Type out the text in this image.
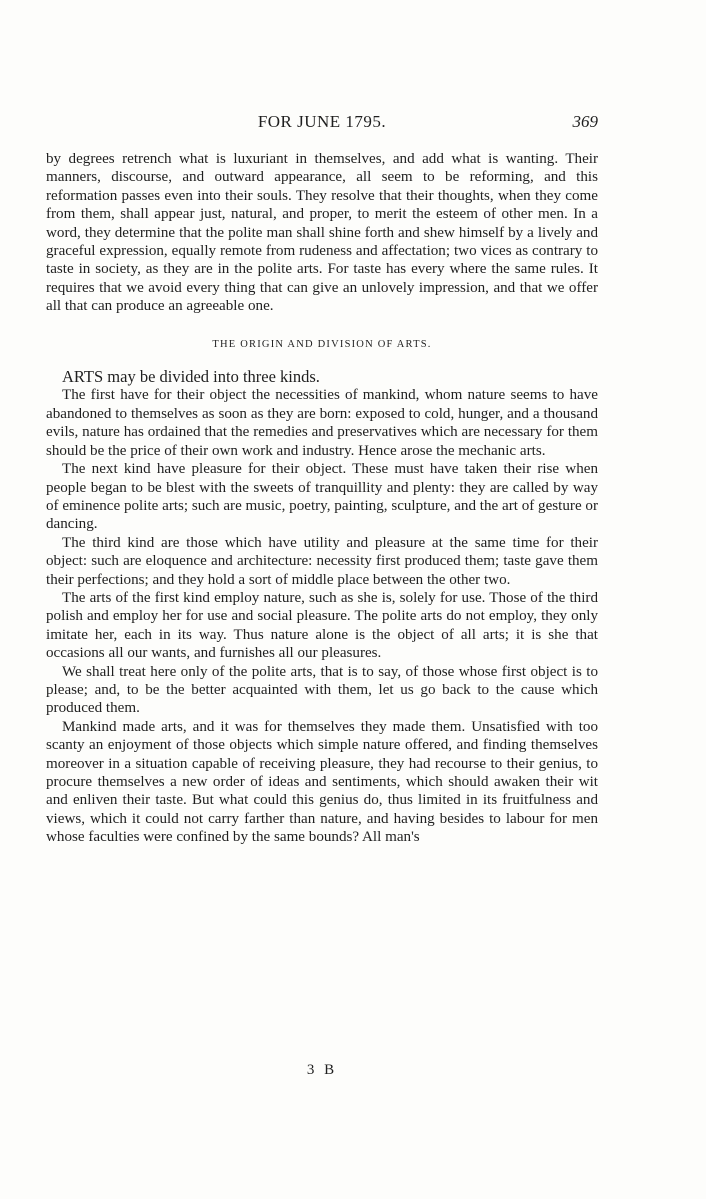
FOR JUNE 1795.	369

by degrees retrench what is luxuriant in themselves, and add what is wanting. Their manners, discourse, and outward appearance, all seem to be reforming, and this reformation passes even into their souls. They resolve that their thoughts, when they come from them, shall appear just, natural, and proper, to merit the esteem of other men. In a word, they determine that the polite man shall shine forth and shew himself by a lively and graceful expression, equally remote from rudeness and affectation; two vices as contrary to taste in society, as they are in the polite arts. For taste has every where the same rules. It requires that we avoid every thing that can give an unlovely impression, and that we offer all that can produce an agreeable one.

THE ORIGIN AND DIVISION OF ARTS.

ARTS may be divided into three kinds.

The first have for their object the necessities of mankind, whom nature seems to have abandoned to themselves as soon as they are born: exposed to cold, hunger, and a thousand evils, nature has ordained that the remedies and preservatives which are necessary for them should be the price of their own work and industry. Hence arose the mechanic arts.

The next kind have pleasure for their object. These must have taken their rise when people began to be blest with the sweets of tranquillity and plenty: they are called by way of eminence polite arts; such are music, poetry, painting, sculpture, and the art of gesture or dancing.

The third kind are those which have utility and pleasure at the same time for their object: such are eloquence and architecture: necessity first produced them; taste gave them their perfections; and they hold a sort of middle place between the other two.

The arts of the first kind employ nature, such as she is, solely for use. Those of the third polish and employ her for use and social pleasure. The polite arts do not employ, they only imitate her, each in its way. Thus nature alone is the object of all arts; it is she that occasions all our wants, and furnishes all our pleasures.

We shall treat here only of the polite arts, that is to say, of those whose first object is to please; and, to be the better acquainted with them, let us go back to the cause which produced them.

Mankind made arts, and it was for themselves they made them. Unsatisfied with too scanty an enjoyment of those objects which simple nature offered, and finding themselves moreover in a situation capable of receiving pleasure, they had recourse to their genius, to procure themselves a new order of ideas and sentiments, which should awaken their wit and enliven their taste. But what could this genius do, thus limited in its fruitfulness and views, which it could not carry farther than nature, and having besides to labour for men whose faculties were confined by the same bounds? All man's

3 B
